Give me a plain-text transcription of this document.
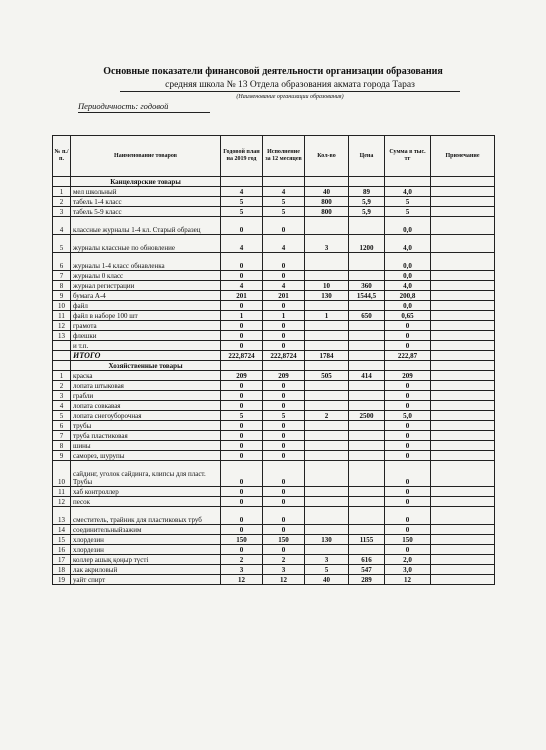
Основные показатели финансовой деятельности организации образования
средняя школа № 13 Отдела образования акмата города Тараз
(Наименование организации образования)
Периодичность: годовой
№ п./п.	Наименование товаров	Годовой план на 2019 год	Исполнение за 12 месяцев	Кол-во	Цена	Сумма в тыс. тг	Примечание
	Канцелярские товары						
1	мел школьный	4	4	40	89	4,0	
2	табель 1-4 класс	5	5	800	5,9	5	
3	табель 5-9 класс	5	5	800	5,9	5	
4	классные журналы 1-4 кл. Старый образец	0	0			0,0	
5	журналы классные по обновление	4	4	3	1200	4,0	
6	журналы 1-4 класс обнавленка	0	0			0,0	
7	журналы 0 класс	0	0			0,0	
8	журнал регистрации	4	4	10	360	4,0	
9	бумага А-4	201	201	130	1544,5	200,8	
10	файл	0	0			0,0	
11	файл в наборе 100 шт	1	1	1	650	0,65	
12	грамота	0	0			0	
13	флешки	0	0			0	
	и т.п.	0	0			0	
	ИТОГО	222,8724	222,8724	1784		222,87	
	Хозяйственные товары						
1	краска	209	209	505	414	209	
2	лопата штыковая	0	0			0	
3	грабли	0	0			0	
4	лопата совкавая	0	0			0	
5	лопата снегоуборочная	5	5	2	2500	5,0	
6	трубы	0	0			0	
7	труба пластиковая	0	0			0	
8	шины	0	0			0	
9	саморез, шурупы	0	0			0	
10	сайдинг, уголок сайдинга, клипсы для пласт. Трубы	0	0			0	
11	хаб контроллер	0	0			0	
12	песок	0	0			0	
13	сместитель, трайник для пластиковых труб	0	0			0	
14	соединительныйзажим	0	0			0	
15	хлордезин	150	150	130	1155	150	
16	хлордезин	0	0			0	
17	коллер ашық қоңыр түсті	2	2	3	616	2,0	
18	лак акриловый	3	3	5	547	3,0	
19	уайт спирт	12	12	40	289	12	
